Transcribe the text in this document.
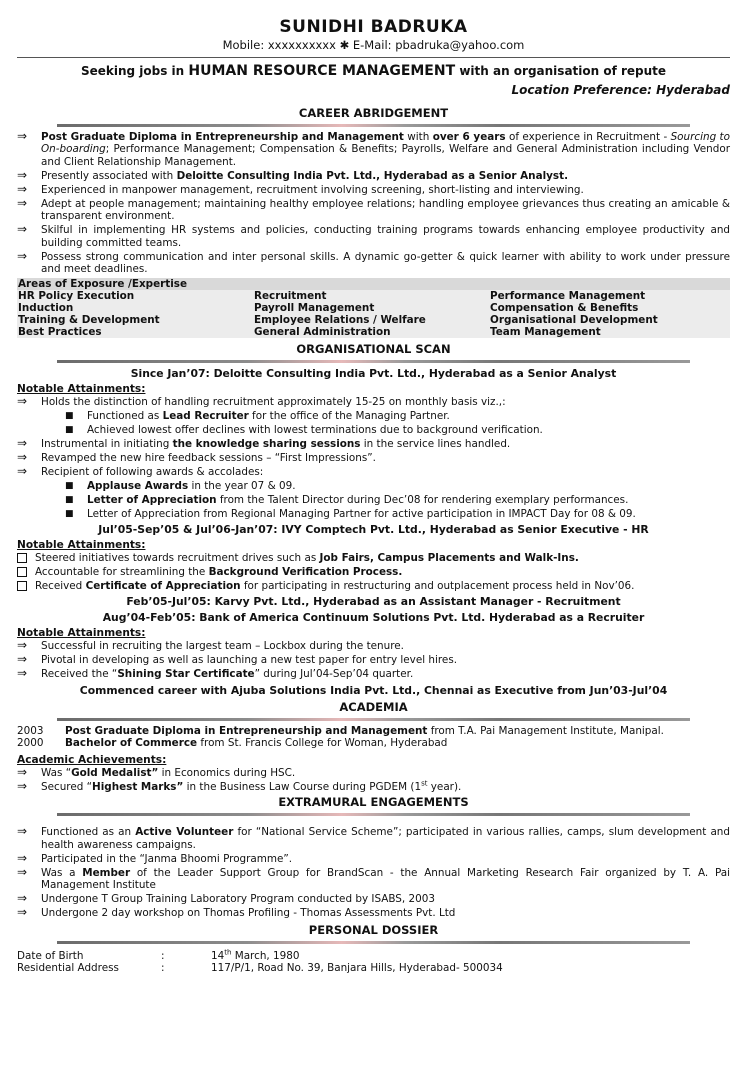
SUNIDHI BADRUKA
Mobile: xxxxxxxxxx ✱ E-Mail: pbadruka@yahoo.com
Seeking jobs in HUMAN RESOURCE MANAGEMENT with an organisation of repute
Location Preference: Hyderabad
CAREER ABRIDGEMENT
⇒ Post Graduate Diploma in Entrepreneurship and Management with over 6 years of experience in Recruitment - Sourcing to On-boarding; Performance Management; Compensation & Benefits; Payrolls, Welfare and General Administration including Vendor and Client Relationship Management.
⇒ Presently associated with Deloitte Consulting India Pvt. Ltd., Hyderabad as a Senior Analyst.
⇒ Experienced in manpower management, recruitment involving screening, short-listing and interviewing.
⇒ Adept at people management; maintaining healthy employee relations; handling employee grievances thus creating an amicable & transparent environment.
⇒ Skilful in implementing HR systems and policies, conducting training programs towards enhancing employee productivity and building committed teams.
⇒ Possess strong communication and inter personal skills. A dynamic go-getter & quick learner with ability to work under pressure and meet deadlines.
Areas of Exposure /Expertise
HR Policy Execution	Recruitment	Performance Management
Induction	Payroll Management	Compensation & Benefits
Training & Development	Employee Relations / Welfare	Organisational Development
Best Practices	General Administration	Team Management
ORGANISATIONAL SCAN
Since Jan’07: Deloitte Consulting India Pvt. Ltd., Hyderabad as a Senior Analyst
Notable Attainments:
⇒ Holds the distinction of handling recruitment approximately 15-25 on monthly basis viz.,:
■ Functioned as Lead Recruiter for the office of the Managing Partner.
■ Achieved lowest offer declines with lowest terminations due to background verification.
⇒ Instrumental in initiating the knowledge sharing sessions in the service lines handled.
⇒ Revamped the new hire feedback sessions – “First Impressions”.
⇒ Recipient of following awards & accolades:
■ Applause Awards in the year 07 & 09.
■ Letter of Appreciation from the Talent Director during Dec’08 for rendering exemplary performances.
■ Letter of Appreciation from Regional Managing Partner for active participation in IMPACT Day for 08 & 09.
Jul’05-Sep’05 & Jul’06-Jan’07: IVY Comptech Pvt. Ltd., Hyderabad as Senior Executive - HR
Notable Attainments:
Steered initiatives towards recruitment drives such as Job Fairs, Campus Placements and Walk-Ins.
Accountable for streamlining the Background Verification Process.
Received Certificate of Appreciation for participating in restructuring and outplacement process held in Nov’06.
Feb’05-Jul’05: Karvy Pvt. Ltd., Hyderabad as an Assistant Manager - Recruitment
Aug’04-Feb’05: Bank of America Continuum Solutions Pvt. Ltd. Hyderabad as a Recruiter
Notable Attainments:
⇒ Successful in recruiting the largest team – Lockbox during the tenure.
⇒ Pivotal in developing as well as launching a new test paper for entry level hires.
⇒ Received the “Shining Star Certificate” during Jul’04-Sep’04 quarter.
Commenced career with Ajuba Solutions India Pvt. Ltd., Chennai as Executive from Jun’03-Jul’04
ACADEMIA
2003	Post Graduate Diploma in Entrepreneurship and Management from T.A. Pai Management Institute, Manipal.
2000	Bachelor of Commerce from St. Francis College for Woman, Hyderabad
Academic Achievements:
⇒ Was “Gold Medalist” in Economics during HSC.
⇒ Secured “Highest Marks” in the Business Law Course during PGDEM (1st year).
EXTRAMURAL ENGAGEMENTS
⇒ Functioned as an Active Volunteer for “National Service Scheme”; participated in various rallies, camps, slum development and health awareness campaigns.
⇒ Participated in the “Janma Bhoomi Programme”.
⇒ Was a Member of the Leader Support Group for BrandScan - the Annual Marketing Research Fair organized by T. A. Pai Management Institute
⇒ Undergone T Group Training Laboratory Program conducted by ISABS, 2003
⇒ Undergone 2 day workshop on Thomas Profiling - Thomas Assessments Pvt. Ltd
PERSONAL DOSSIER
Date of Birth	:	14th March, 1980
Residential Address	:	117/P/1, Road No. 39, Banjara Hills, Hyderabad- 500034
